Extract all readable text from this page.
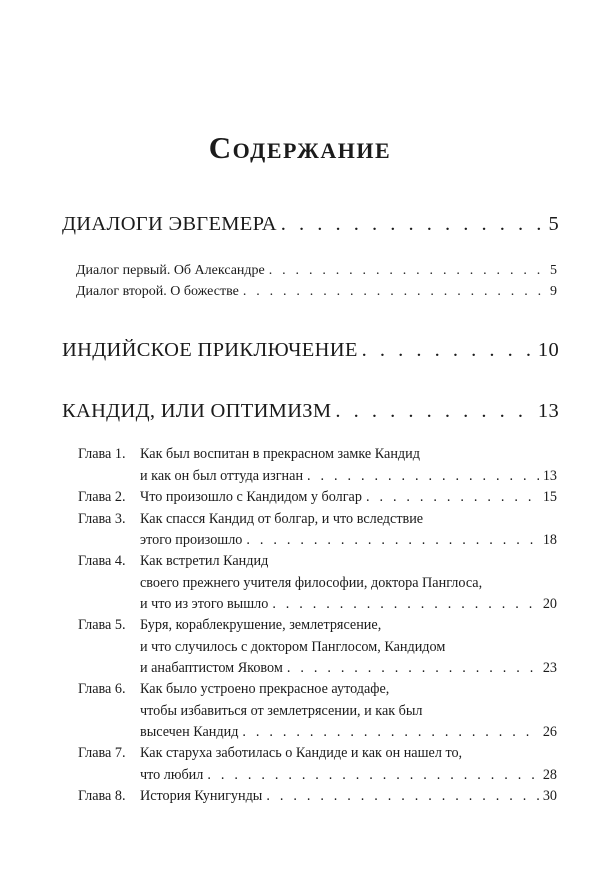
Содержание
ДИАЛОГИ ЭВГЕМЕРА . . .	5
Диалог первый. Об Александре . . .	5
Диалог второй. О божестве . . .	9
ИНДИЙСКОЕ ПРИКЛЮЧЕНИЕ . . .	10
КАНДИД, ИЛИ ОПТИМИЗМ . . .	13
Глава 1.	Как был воспитан в прекрасном замке Кандид
и как он был оттуда изгнан . . .	13
Глава 2.	Что произошло с Кандидом у болгар . . .	15
Глава 3.	Как спасся Кандид от болгар, и что вследствие
этого произошло . . .	18
Глава 4.	Как встретил Кандид
своего прежнего учителя философии, доктора Панглоса,
и что из этого вышло . . .	20
Глава 5.	Буря, кораблекрушение, землетрясение,
и что случилось с доктором Панглосом, Кандидом
и анабаптистом Яковом . . .	23
Глава 6.	Как было устроено прекрасное аутодафе,
чтобы избавиться от землетрясении, и как был
высечен Кандид . . .	26
Глава 7.	Как старуха заботилась о Кандиде и как он нашел то,
что любил . . .	28
Глава 8.	История Кунигунды . . .	30
